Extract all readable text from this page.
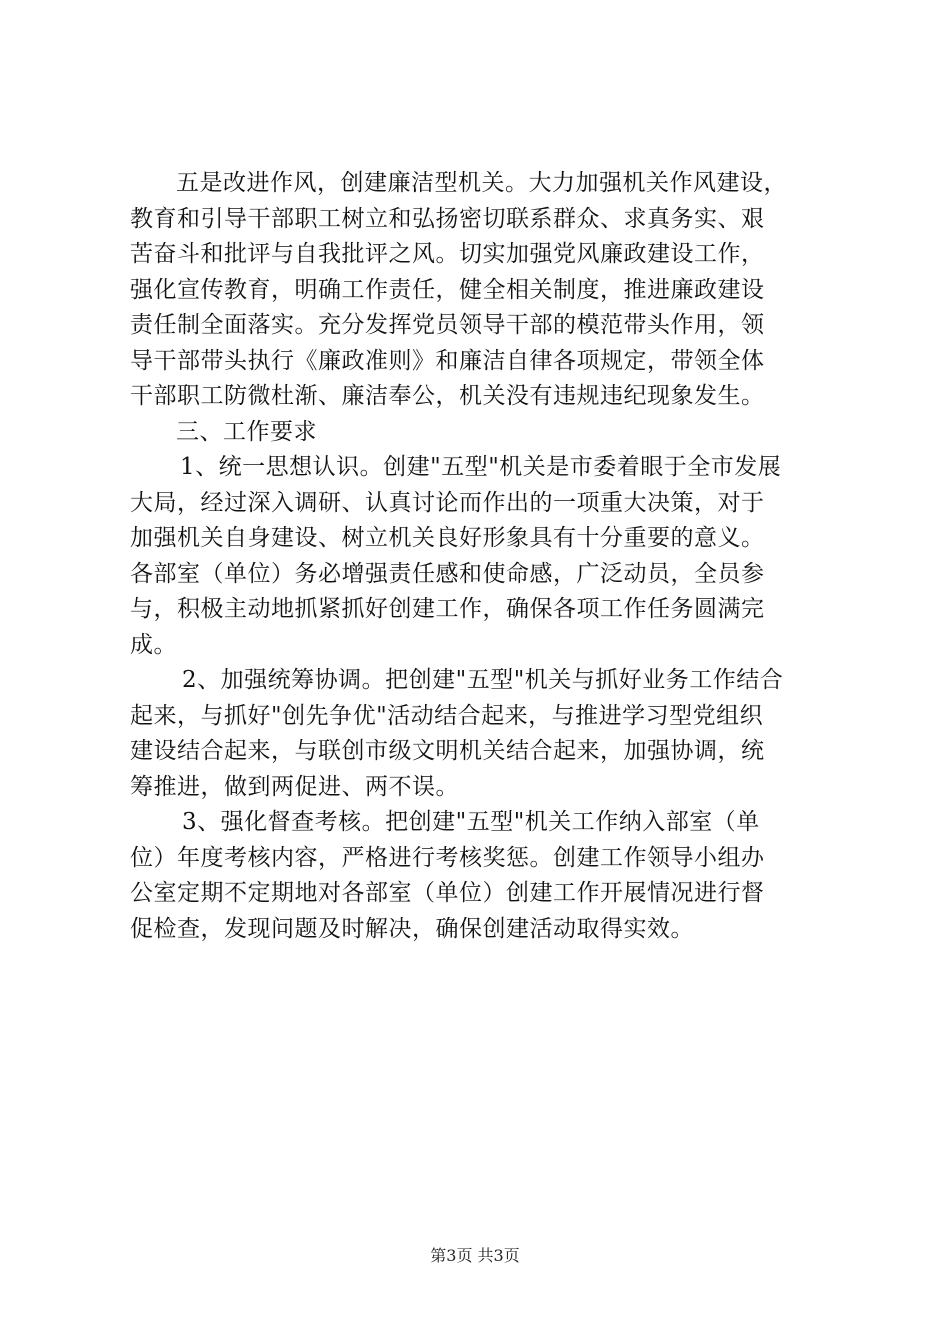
五是改进作风，创建廉洁型机关。大力加强机关作风建设，
教育和引导干部职工树立和弘扬密切联系群众、求真务实、艰
苦奋斗和批评与自我批评之风。切实加强党风廉政建设工作，
强化宣传教育，明确工作责任，健全相关制度，推进廉政建设
责任制全面落实。充分发挥党员领导干部的模范带头作用，领
导干部带头执行《廉政准则》和廉洁自律各项规定，带领全体
干部职工防微杜渐、廉洁奉公，机关没有违规违纪现象发生。

三、工作要求

1、统一思想认识。创建"五型"机关是市委着眼于全市发展
大局，经过深入调研、认真讨论而作出的一项重大决策，对于
加强机关自身建设、树立机关良好形象具有十分重要的意义。
各部室（单位）务必增强责任感和使命感，广泛动员，全员参
与，积极主动地抓紧抓好创建工作，确保各项工作任务圆满完
成。

2、加强统筹协调。把创建"五型"机关与抓好业务工作结合
起来，与抓好"创先争优"活动结合起来，与推进学习型党组织
建设结合起来，与联创市级文明机关结合起来，加强协调，统
筹推进，做到两促进、两不误。

3、强化督查考核。把创建"五型"机关工作纳入部室（单
位）年度考核内容，严格进行考核奖惩。创建工作领导小组办
公室定期不定期地对各部室（单位）创建工作开展情况进行督
促检查，发现问题及时解决，确保创建活动取得实效。

第3页 共3页
